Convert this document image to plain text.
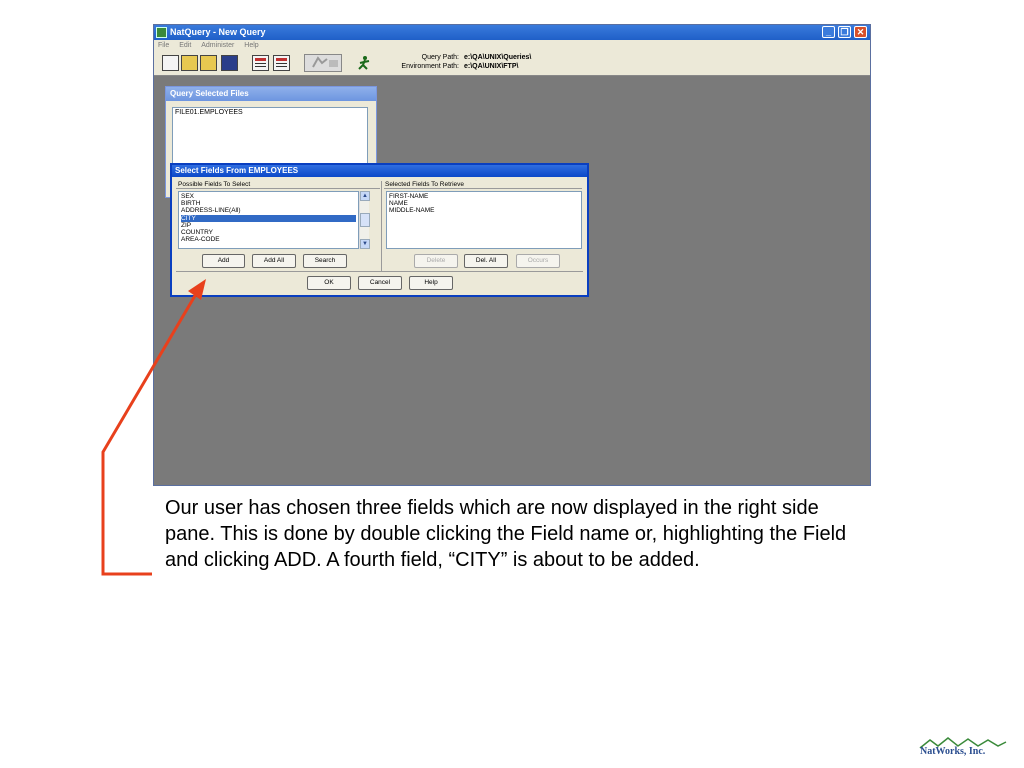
NatQuery - New Query	_	❐ ✕
File Edit Administer Help
Query Path: e:\QA\UNIX\Queries\
Environment Path: e:\QA\UNIX\FTP\
Query Selected Files
FILE01.EMPLOYEES
Select Fields From EMPLOYEES
Possible Fields To Select
SEX
BIRTH
ADDRESS-LINE(All)
CITY
ZIP
COUNTRY
AREA-CODE
▲
▼
Selected Fields To Retrieve
FIRST-NAME
NAME
MIDDLE-NAME
Add	Add All	Search	Delete	Del. All	Occurs
OK	Cancel	Help
Our user has chosen three fields which are now displayed in the right side pane. This is done by double clicking the Field name or, highlighting the Field and clicking ADD. A fourth field, “CITY” is about to be added.
NatWorks, Inc.
